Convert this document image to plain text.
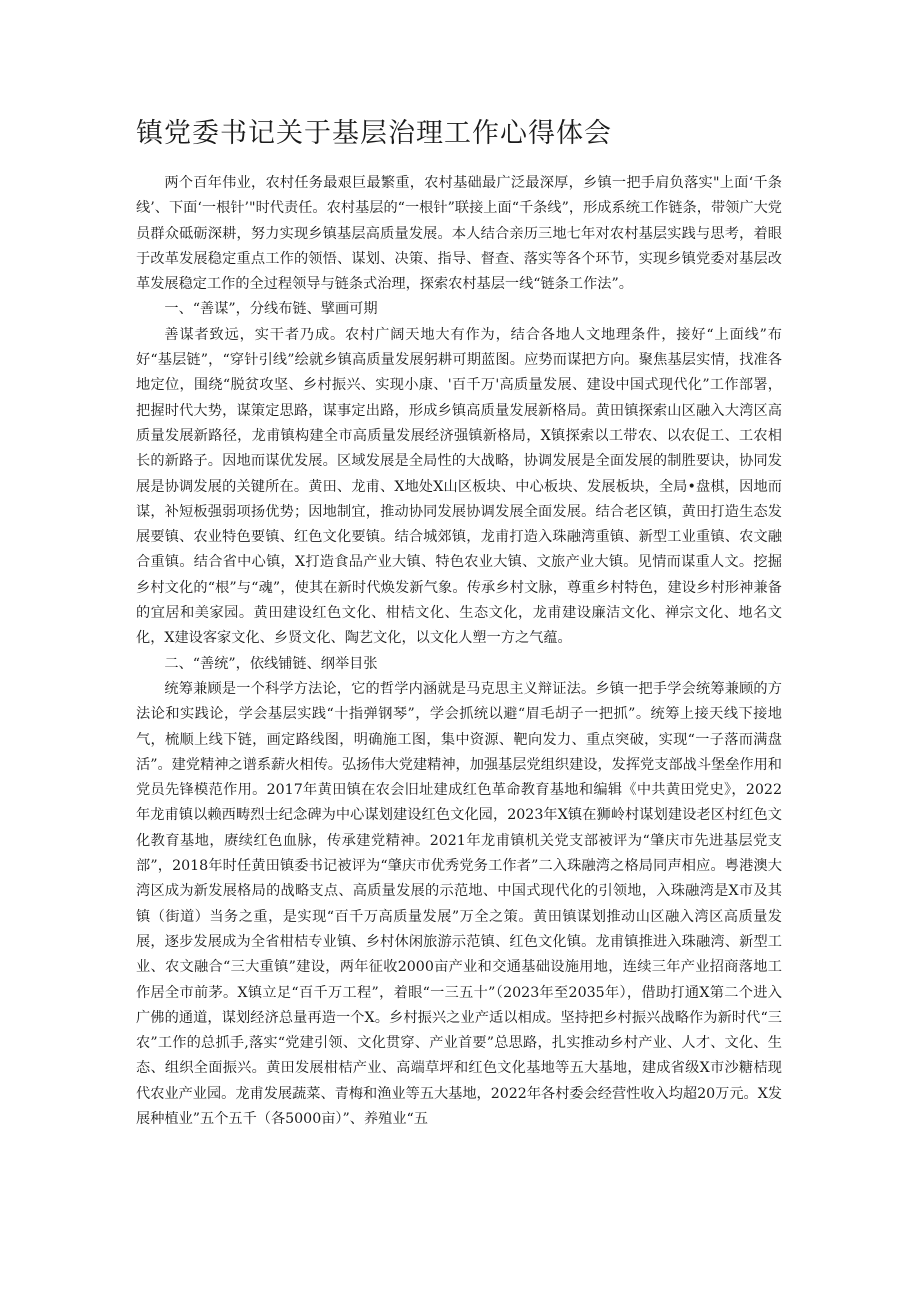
镇党委书记关于基层治理工作心得体会

两个百年伟业，农村任务最艰巨最繁重，农村基础最广泛最深厚，乡镇一把手肩负落实"上面‘千条线’、下面‘一根针’"时代责任。农村基层的“一根针”联接上面“千条线”，形成系统工作链条，带领广大党员群众砥砺深耕，努力实现乡镇基层高质量发展。本人结合亲历三地七年对农村基层实践与思考，着眼于改革发展稳定重点工作的领悟、谋划、决策、指导、督查、落实等各个环节，实现乡镇党委对基层改革发展稳定工作的全过程领导与链条式治理，探索农村基层一线“链条工作法”。

一、“善谋”，分线布链、擘画可期

善谋者致远，实干者乃成。农村广阔天地大有作为，结合各地人文地理条件，接好“上面线”布好“基层链”，“穿针引线”绘就乡镇高质量发展躬耕可期蓝图。应势而谋把方向。聚焦基层实情，找准各地定位，围绕“脱贫攻坚、乡村振兴、实现小康、'百千万'高质量发展、建设中国式现代化”工作部署，把握时代大势，谋策定思路，谋事定出路，形成乡镇高质量发展新格局。黄田镇探索山区融入大湾区高质量发展新路径，龙甫镇构建全市高质量发展经济强镇新格局，X镇探索以工带农、以农促工、工农相长的新路子。因地而谋优发展。区域发展是全局性的大战略，协调发展是全面发展的制胜要诀，协同发展是协调发展的关键所在。黄田、龙甫、X地处X山区板块、中心板块、发展板块，全局•盘棋，因地而谋，补短板强弱项扬优势；因地制宜，推动协同发展协调发展全面发展。结合老区镇，黄田打造生态发展要镇、农业特色要镇、红色文化要镇。结合城郊镇，龙甫打造入珠融湾重镇、新型工业重镇、农文融合重镇。结合省中心镇，X打造食品产业大镇、特色农业大镇、文旅产业大镇。见情而谋重人文。挖掘乡村文化的“根”与“魂”，使其在新时代焕发新气象。传承乡村文脉，尊重乡村特色，建设乡村形神兼备的宜居和美家园。黄田建设红色文化、柑桔文化、生态文化，龙甫建设廉洁文化、禅宗文化、地名文化，X建设客家文化、乡贤文化、陶艺文化，以文化人塑一方之气蕴。

二、“善统”，依线铺链、纲举目张

统筹兼顾是一个科学方法论，它的哲学内涵就是马克思主义辩证法。乡镇一把手学会统筹兼顾的方法论和实践论，学会基层实践“十指弹钢琴”，学会抓统以避“眉毛胡子一把抓”。统筹上接天线下接地气，梳顺上线下链，画定路线图，明确施工图，集中资源、靶向发力、重点突破，实现“一子落而满盘活”。建党精神之谱系薪火相传。弘扬伟大党建精神，加强基层党组织建设，发挥党支部战斗堡垒作用和党员先锋模范作用。2017年黄田镇在农会旧址建成红色革命教育基地和编辑《中共黄田党史》，2022年龙甫镇以赖西畴烈士纪念碑为中心谋划建设红色文化园，2023年X镇在狮岭村谋划建设老区村红色文化教育基地，赓续红色血脉，传承建党精神。2021年龙甫镇机关党支部被评为“肇庆市先进基层党支部”，2018年时任黄田镇委书记被评为“肇庆市优秀党务工作者”二入珠融湾之格局同声相应。粤港澳大湾区成为新发展格局的战略支点、高质量发展的示范地、中国式现代化的引领地，入珠融湾是X市及其镇（街道）当务之重，是实现“百千万高质量发展”万全之策。黄田镇谋划推动山区融入湾区高质量发展，逐步发展成为全省柑桔专业镇、乡村休闲旅游示范镇、红色文化镇。龙甫镇推进入珠融湾、新型工业、农文融合“三大重镇”建设，两年征收2000亩产业和交通基础设施用地，连续三年产业招商落地工作居全市前茅。X镇立足“百千万工程”，着眼“一三五十”（2023年至2035年），借助打通X第二个进入广佛的通道，谋划经济总量再造一个X。乡村振兴之业产适以相成。坚持把乡村振兴战略作为新时代“三农”工作的总抓手,落实“党建引领、文化贯穿、产业首要”总思路，扎实推动乡村产业、人才、文化、生态、组织全面振兴。黄田发展柑桔产业、高端草坪和红色文化基地等五大基地，建成省级X市沙糖桔现代农业产业园。龙甫发展蔬菜、青梅和渔业等五大基地，2022年各村委会经营性收入均超20万元。X发展种植业”五个五千（各5000亩）”、养殖业“五
